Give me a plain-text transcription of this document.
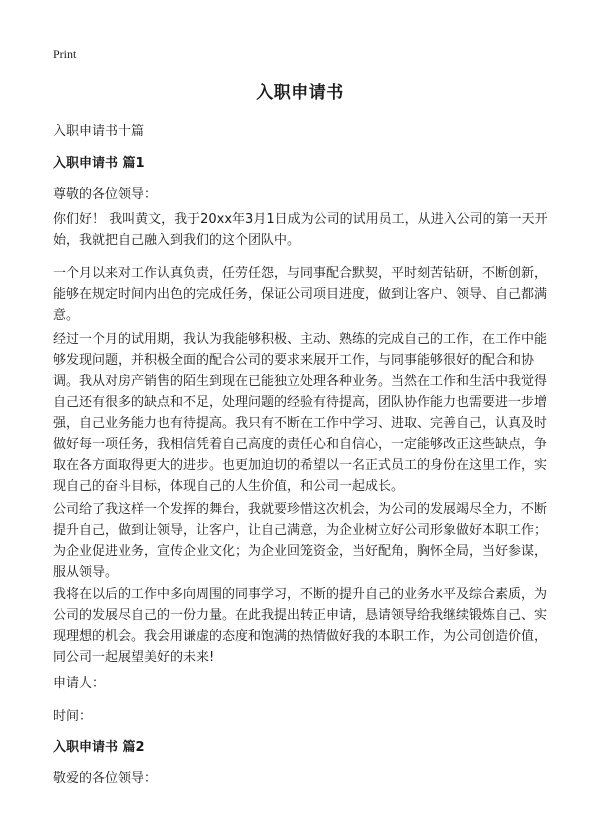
Print
入职申请书
入职申请书十篇
入职申请书 篇1
尊敬的各位领导：
你们好！ 我叫黄文，我于20xx年3月1日成为公司的试用员工，从进入公司的第一天开始，我就把自己融入到我们的这个团队中。
一个月以来对工作认真负责，任劳任怨，与同事配合默契，平时刻苦钻研，不断创新，能够在规定时间内出色的完成任务，保证公司项目进度，做到让客户、领导、自己都满意。
经过一个月的试用期，我认为我能够积极、主动、熟练的完成自己的工作，在工作中能够发现问题，并积极全面的配合公司的要求来展开工作，与同事能够很好的配合和协调。我从对房产销售的陌生到现在已能独立处理各种业务。当然在工作和生活中我觉得自己还有很多的缺点和不足，处理问题的经验有待提高，团队协作能力也需要进一步增强，自己业务能力也有待提高。我只有不断在工作中学习、进取、完善自己，认真及时做好每一项任务，我相信凭着自己高度的责任心和自信心，一定能够改正这些缺点，争取在各方面取得更大的进步。也更加迫切的希望以一名正式员工的身份在这里工作，实现自己的奋斗目标，体现自己的人生价值，和公司一起成长。
公司给了我这样一个发挥的舞台，我就要珍惜这次机会，为公司的发展竭尽全力，不断提升自己，做到让领导，让客户，让自己满意，为企业树立好公司形象做好本职工作；为企业促进业务，宣传企业文化；为企业回笼资金，当好配角，胸怀全局，当好参谋，服从领导。
我将在以后的工作中多向周围的同事学习，不断的提升自己的业务水平及综合素质，为公司的发展尽自己的一份力量。在此我提出转正申请，恳请领导给我继续锻炼自己、实现理想的机会。我会用谦虚的态度和饱满的热情做好我的本职工作，为公司创造价值，同公司一起展望美好的未来!
申请人：
时间：
入职申请书 篇2
敬爱的各位领导：
